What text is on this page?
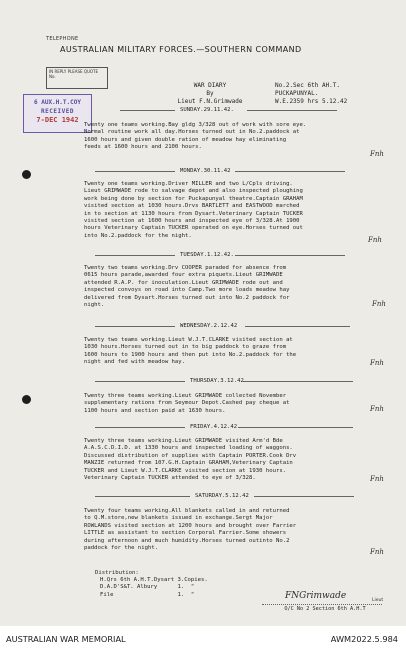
TELEPHONE
AUSTRALIAN MILITARY FORCES.—SOUTHERN COMMAND
IN REPLY PLEASE QUOTE
No.
6 AUX.H.T.COY
RECEIVED
7-DEC 1942
WAR DIARY
By
Lieut F.N.Grimwade
No.2.Sec 6th AH.T.
PUCKAPUNYAL.
W.E.2359 hrs 5.12.42
SUNDAY.29.11.42.
Twenty one teams working.Bay gldg 3/328 out of work with sore eye.
Normal routine work all day.Horses turned out in No.2.paddock at
1600 hours and given double ration of meadow hay eliminating
feeds at 1600 hours and 2100 hours.
Fnh
MONDAY.30.11.42
Twenty one teams working.Driver MILLER and two L/Cpls driving.
Lieut GRIMWADE rode to salvage depot and also inspected ploughing
work being done by section for Puckapunyal theatre.Captain GRAHAM
visited section at 1030 hours.Drvs BARTLETT and EASTWOOD marched
in to section at 1130 hours from Dysart.Veterinary Captain TUCKER
visited section at 1600 hours and inspected eye of 3/328.At 1900
hours Veterinary Captain TUCKER operated on eye.Horses turned out
into No.2.paddock for the night.
Fnh
TUESDAY.1.12.42.
Twenty two teams working.Drv COOPER paraded for absence from
0615 hours parade,awarded four extra piquets.Lieut GRIMWADE
attended R.A.P. for inoculation.Lieut GRIMWADE rode out and
inspected convoys on road into Camp.Two more loads meadow hay
delivered from Dysart.Horses turned out into No.2 paddock for
night.	Fnh
WEDNESDAY.2.12.42
Twenty two teams working.Lieut W.J.T.CLARKE visited section at
1030 hours.Horses turned out in to big paddock to graze from
1600 hours to 1900 hours and then put into No.2.paddock for the
night and fed with meadow hay.	Fnh
THURSDAY.3.12.42
Twenty three teams working.Lieut GRIMWADE collected November
supplementary rations from Seymour Depot.Cashed pay cheque at
1100 hours and section paid at 1630 hours.	Fnh
FRIDAY.4.12.42
Twenty three teams working.Lieut GRIMWADE visited Arm'd Bde
A.A.S.C.D.I.D. at 1330 hours and inspected loading of waggons.
Discussed distribution of supplies with Captain PORTER.Cook Drv
MANZIE returned from 107.G.H.Captain GRAHAM,Veterinary Captain
TUCKER and Lieut W.J.T.CLARKE visited section at 1930 hours.
Veterinary Captain TUCKER attended to eye of 3/328.	Fnh
SATURDAY.5.12.42
Twenty four teams working.All blankets called in and returned
to Q.M.store,new blankets issued in exchange.Sergt Major
ROWLANDS visited section at 1200 hours and brought over Farrier
LITTLE as assistant to section Corporal Farrier.Some showers
during afternoon and much humidity.Horses turned outinto No.2
paddock for the night.	Fnh
Distribution:
H.Qrs 6th A.H.T.Dysart 3.Copies.
D.A.D'S&T. Albury      1.  "
File                   1.  "	FNGrimwade	Lieut
O/C No 2 Section 6th A.H.T
AUSTRALIAN WAR MEMORIAL	AWM2022.5.984
